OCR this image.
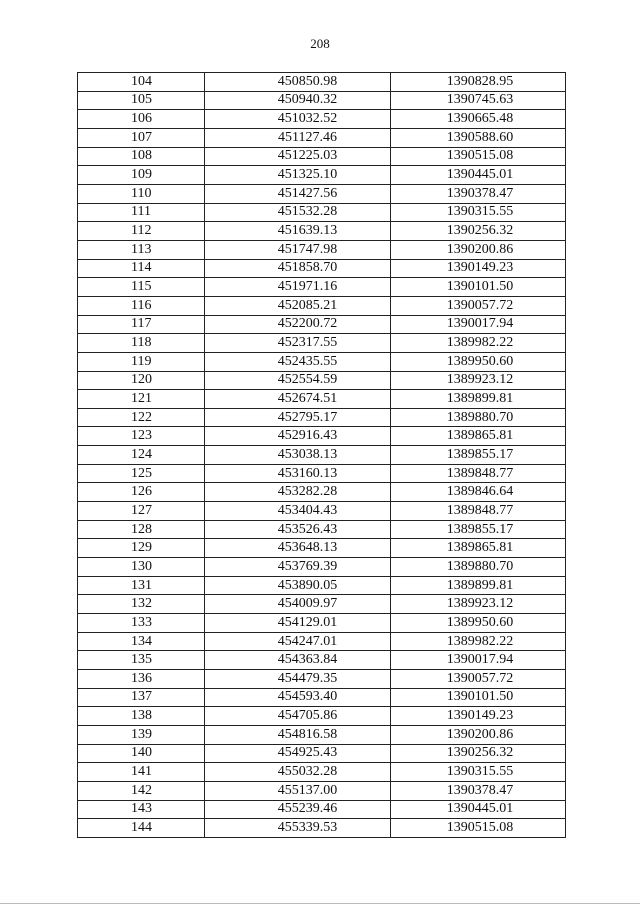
208
104	450850.98	1390828.95
105	450940.32	1390745.63
106	451032.52	1390665.48
107	451127.46	1390588.60
108	451225.03	1390515.08
109	451325.10	1390445.01
110	451427.56	1390378.47
111	451532.28	1390315.55
112	451639.13	1390256.32
113	451747.98	1390200.86
114	451858.70	1390149.23
115	451971.16	1390101.50
116	452085.21	1390057.72
117	452200.72	1390017.94
118	452317.55	1389982.22
119	452435.55	1389950.60
120	452554.59	1389923.12
121	452674.51	1389899.81
122	452795.17	1389880.70
123	452916.43	1389865.81
124	453038.13	1389855.17
125	453160.13	1389848.77
126	453282.28	1389846.64
127	453404.43	1389848.77
128	453526.43	1389855.17
129	453648.13	1389865.81
130	453769.39	1389880.70
131	453890.05	1389899.81
132	454009.97	1389923.12
133	454129.01	1389950.60
134	454247.01	1389982.22
135	454363.84	1390017.94
136	454479.35	1390057.72
137	454593.40	1390101.50
138	454705.86	1390149.23
139	454816.58	1390200.86
140	454925.43	1390256.32
141	455032.28	1390315.55
142	455137.00	1390378.47
143	455239.46	1390445.01
144	455339.53	1390515.08
